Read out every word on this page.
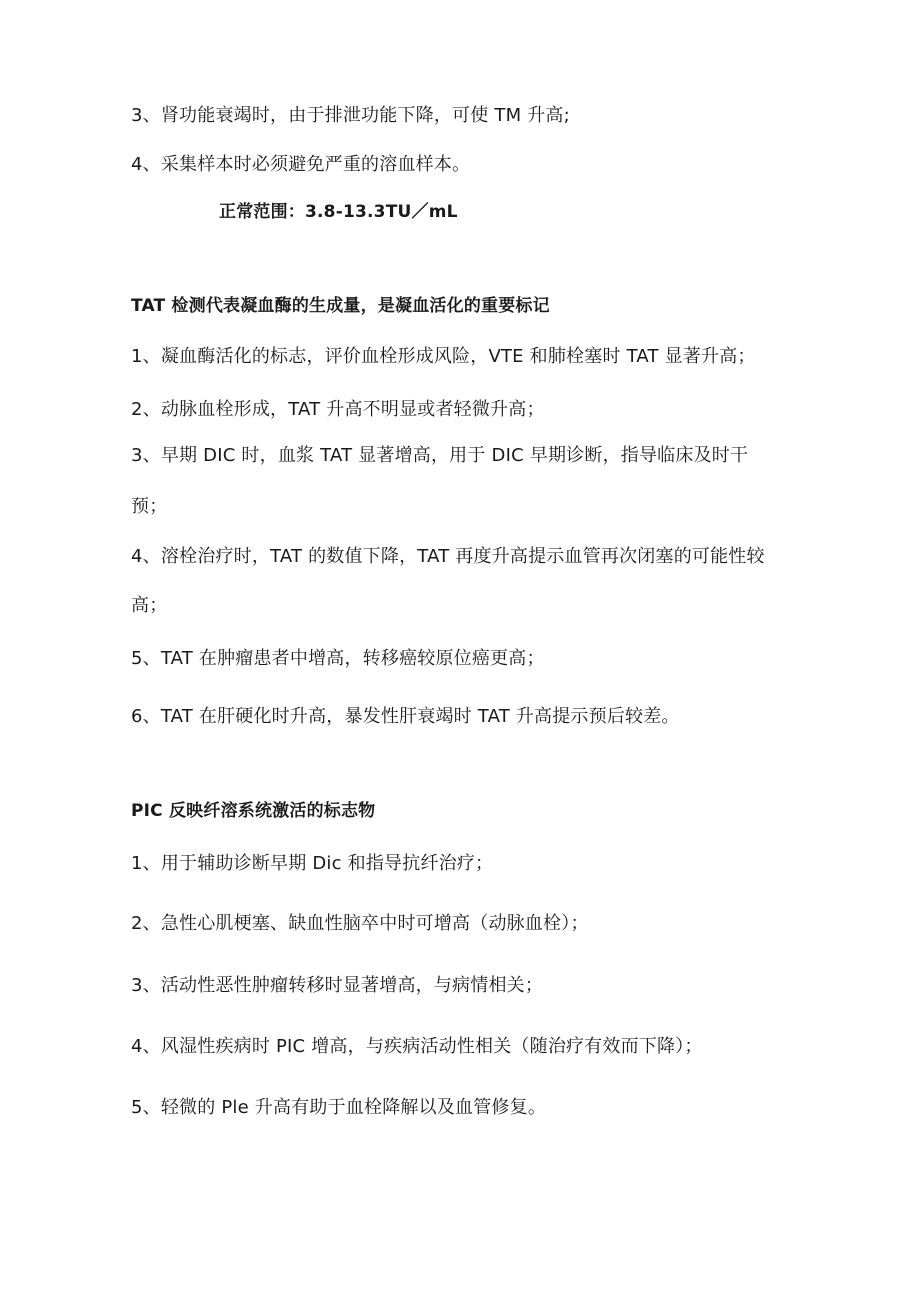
3、肾功能衰竭时，由于排泄功能下降，可使 TM 升高;
4、采集样本时必须避免严重的溶血样本。
正常范围：3.8-13.3TU／mL
TAT 检测代表凝血酶的生成量，是凝血活化的重要标记
1、凝血酶活化的标志，评价血栓形成风险，VTE 和肺栓塞时 TAT 显著升高；
2、动脉血栓形成，TAT 升高不明显或者轻微升高；
3、早期 DIC 时，血浆 TAT 显著增高，用于 DIC 早期诊断，指导临床及时干
预；
4、溶栓治疗时，TAT 的数值下降，TAT 再度升高提示血管再次闭塞的可能性较
高；
5、TAT 在肿瘤患者中增高，转移癌较原位癌更高；
6、TAT 在肝硬化时升高，暴发性肝衰竭时 TAT 升高提示预后较差。
PIC 反映纤溶系统激活的标志物
1、用于辅助诊断早期 Dic 和指导抗纤治疗；
2、急性心肌梗塞、缺血性脑卒中时可增高（动脉血栓）；
3、活动性恶性肿瘤转移时显著增高，与病情相关；
4、风湿性疾病时 PIC 增高，与疾病活动性相关（随治疗有效而下降）；
5、轻微的 Ple 升高有助于血栓降解以及血管修复。
